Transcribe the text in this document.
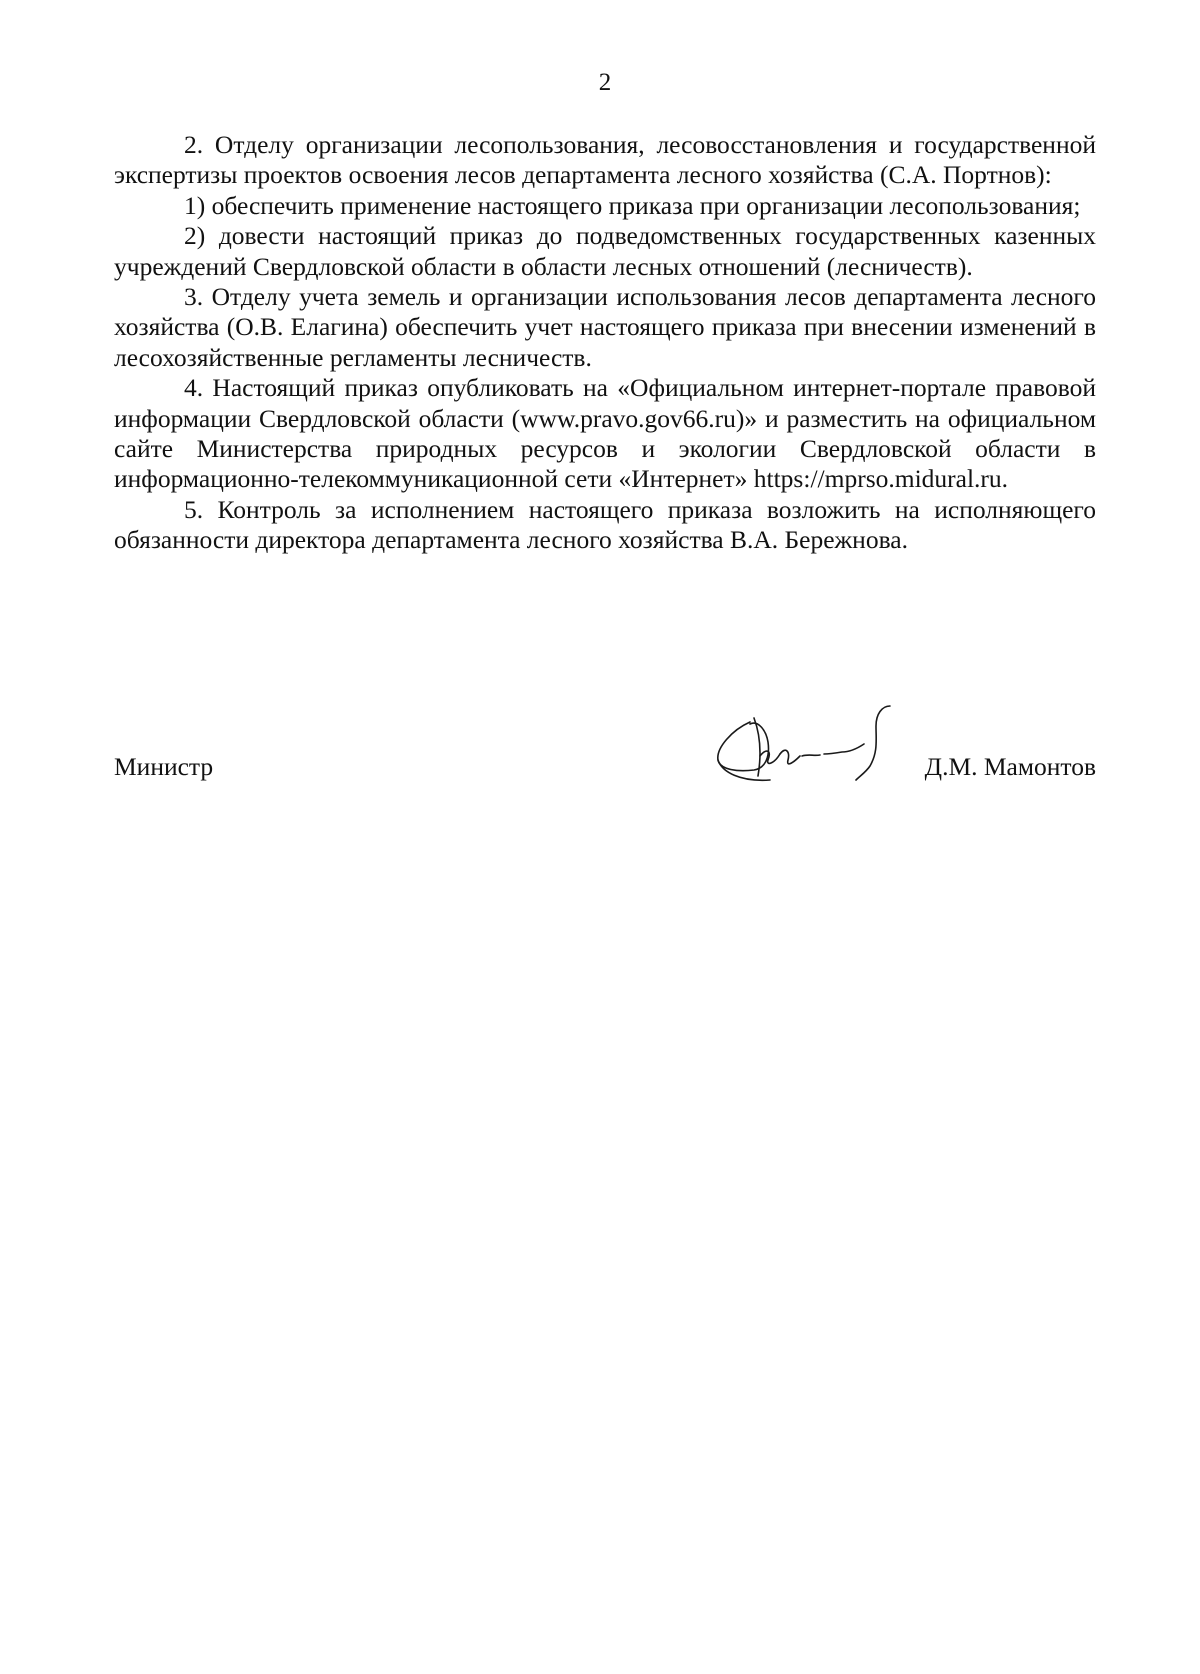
2

2. Отделу организации лесопользования, лесовосстановления и государственной экспертизы проектов освоения лесов департамента лесного хозяйства (С.А. Портнов):

1) обеспечить применение настоящего приказа при организации лесопользования;

2) довести настоящий приказ до подведомственных государственных казенных учреждений Свердловской области в области лесных отношений (лесничеств).

3. Отделу учета земель и организации использования лесов департамента лесного хозяйства (О.В. Елагина) обеспечить учет настоящего приказа при внесении изменений в лесохозяйственные регламенты лесничеств.

4. Настоящий приказ опубликовать на «Официальном интернет-портале правовой информации Свердловской области (www.pravo.gov66.ru)» и разместить на официальном сайте Министерства природных ресурсов и экологии Свердловской области в информационно-телекоммуникационной сети «Интернет» https://mprso.midural.ru.

5. Контроль за исполнением настоящего приказа возложить на исполняющего обязанности директора департамента лесного хозяйства В.А. Бережнова.

Министр	Д.М. Мамонтов
